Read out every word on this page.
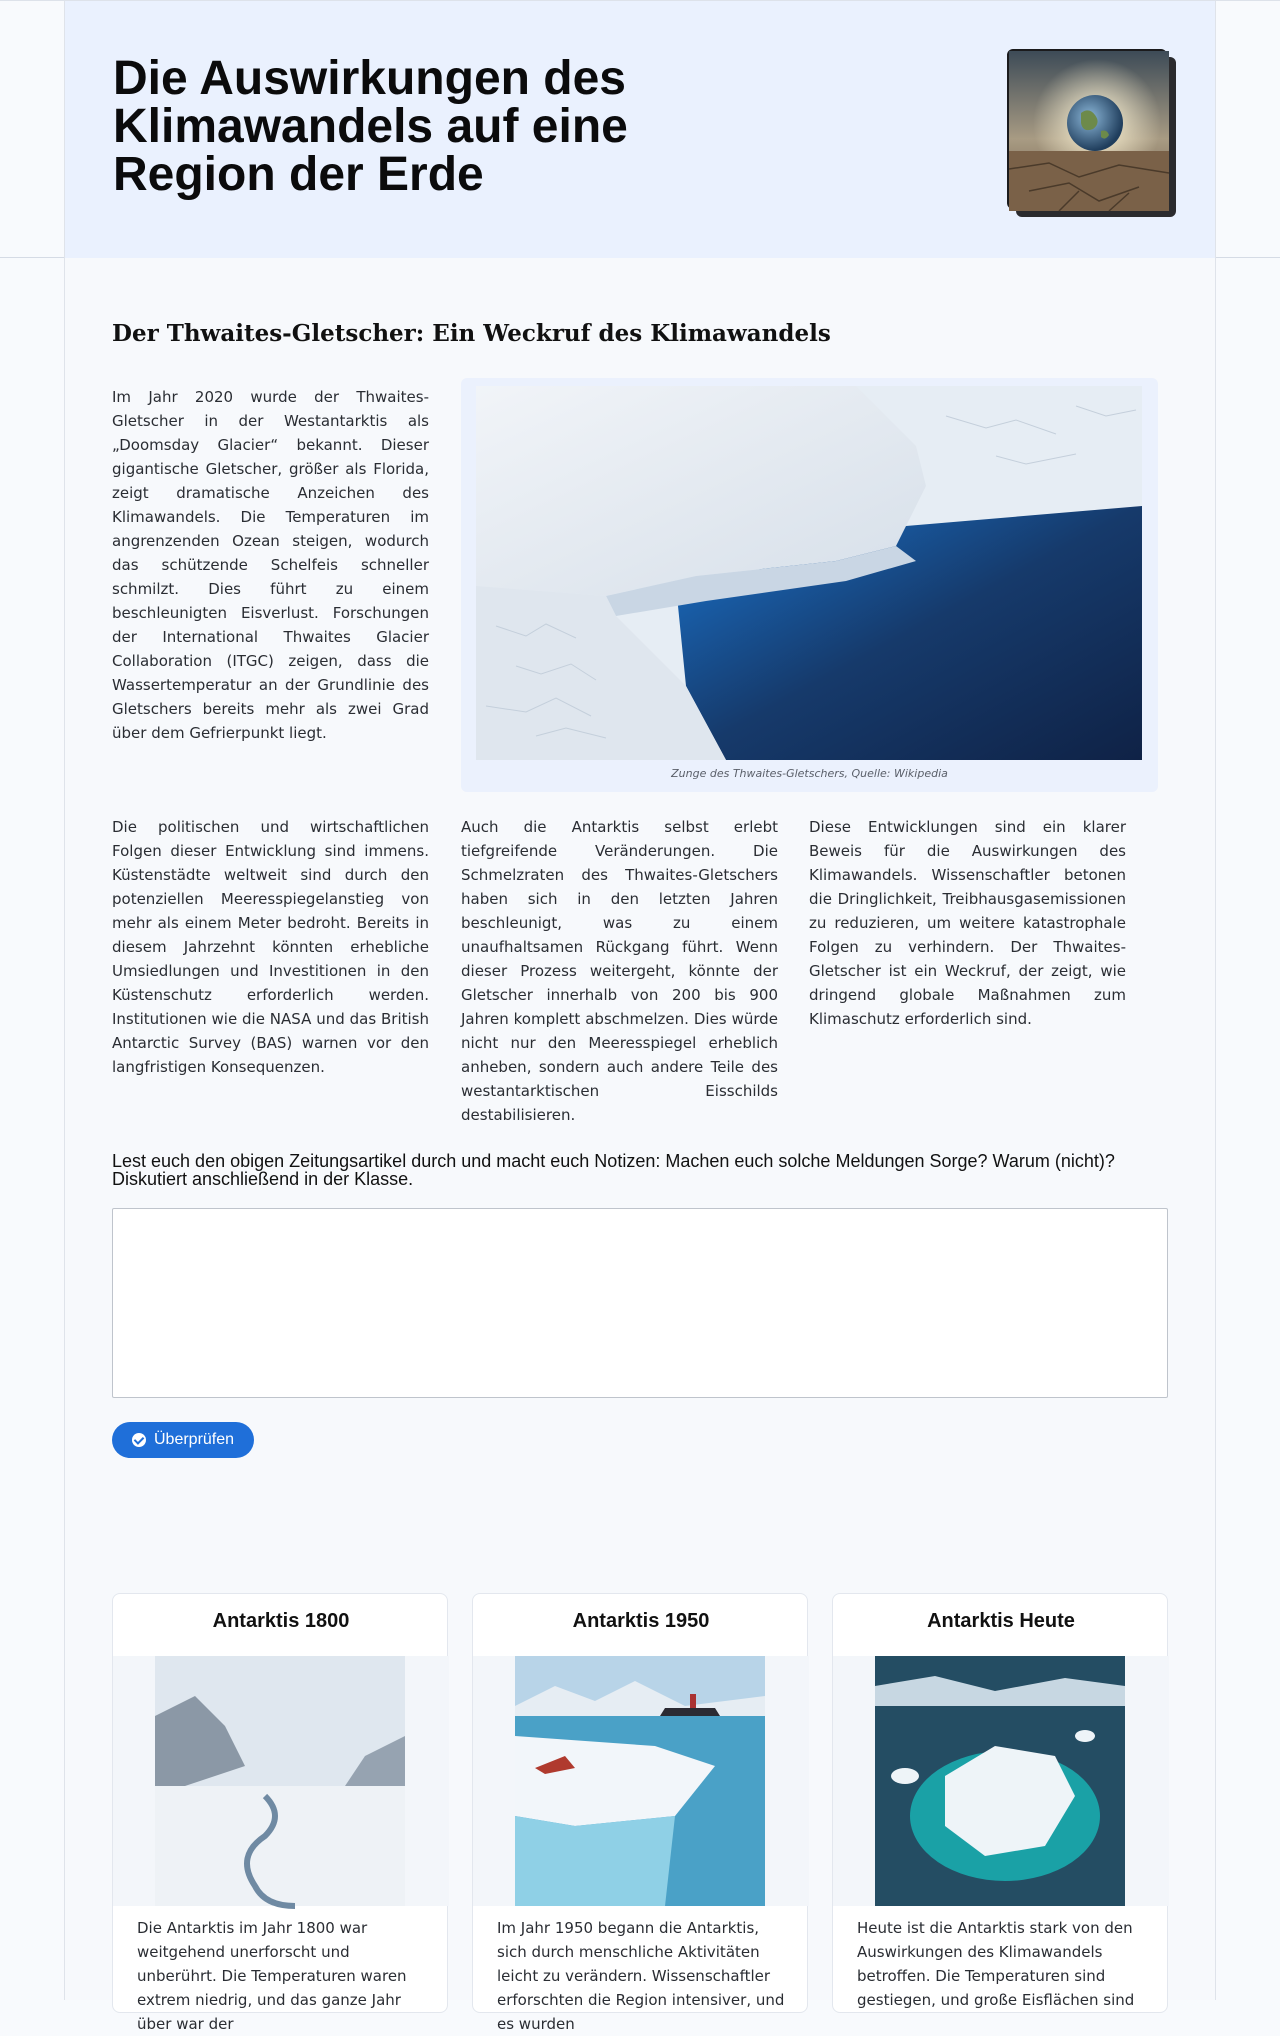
Die Auswirkungen des Klimawandels auf eine Region der Erde
Der Thwaites-Gletscher: Ein Weckruf des Klimawandels

Im Jahr 2020 wurde der Thwaites-Gletscher in der Westantarktis als „Doomsday Glacier“ bekannt. Dieser gigantische Gletscher, größer als Florida, zeigt dramatische Anzeichen des Klimawandels. Die Temperaturen im angrenzenden Ozean steigen, wodurch das schützende Schelfeis schneller schmilzt. Dies führt zu einem beschleunigten Eisverlust. Forschungen der International Thwaites Glacier Collaboration (ITGC) zeigen, dass die Wassertemperatur an der Grundlinie des Gletschers bereits mehr als zwei Grad über dem Gefrierpunkt liegt.

Zunge des Thwaites-Gletschers, Quelle: Wikipedia

Die politischen und wirtschaftlichen Folgen dieser Entwicklung sind immens. Küstenstädte weltweit sind durch den potenziellen Meeresspiegelanstieg von mehr als einem Meter bedroht. Bereits in diesem Jahrzehnt könnten erhebliche Umsiedlungen und Investitionen in den Küstenschutz erforderlich werden. Institutionen wie die NASA und das British Antarctic Survey (BAS) warnen vor den langfristigen Konsequenzen.

Auch die Antarktis selbst erlebt tiefgreifende Veränderungen. Die Schmelzraten des Thwaites-Gletschers haben sich in den letzten Jahren beschleunigt, was zu einem unaufhaltsamen Rückgang führt. Wenn dieser Prozess weitergeht, könnte der Gletscher innerhalb von 200 bis 900 Jahren komplett abschmelzen. Dies würde nicht nur den Meeresspiegel erheblich anheben, sondern auch andere Teile des westantarktischen Eisschilds destabilisieren.

Diese Entwicklungen sind ein klarer Beweis für die Auswirkungen des Klimawandels. Wissenschaftler betonen die Dringlichkeit, Treibhausgasemissionen zu reduzieren, um weitere katastrophale Folgen zu verhindern. Der Thwaites-Gletscher ist ein Weckruf, der zeigt, wie dringend globale Maßnahmen zum Klimaschutz erforderlich sind.

Lest euch den obigen Zeitungsartikel durch und macht euch Notizen: Machen euch solche Meldungen Sorge? Warum (nicht)? Diskutiert anschließend in der Klasse.
Überprüfen
Antarktis 1800
Die Antarktis im Jahr 1800 war weitgehend unerforscht und unberührt. Die Temperaturen waren extrem niedrig, und das ganze Jahr über war der
Antarktis 1950
Im Jahr 1950 begann die Antarktis, sich durch menschliche Aktivitäten leicht zu verändern. Wissenschaftler erforschten die Region intensiver, und es wurden
Antarktis Heute
Heute ist die Antarktis stark von den Auswirkungen des Klimawandels betroffen. Die Temperaturen sind gestiegen, und große Eisflächen sind
